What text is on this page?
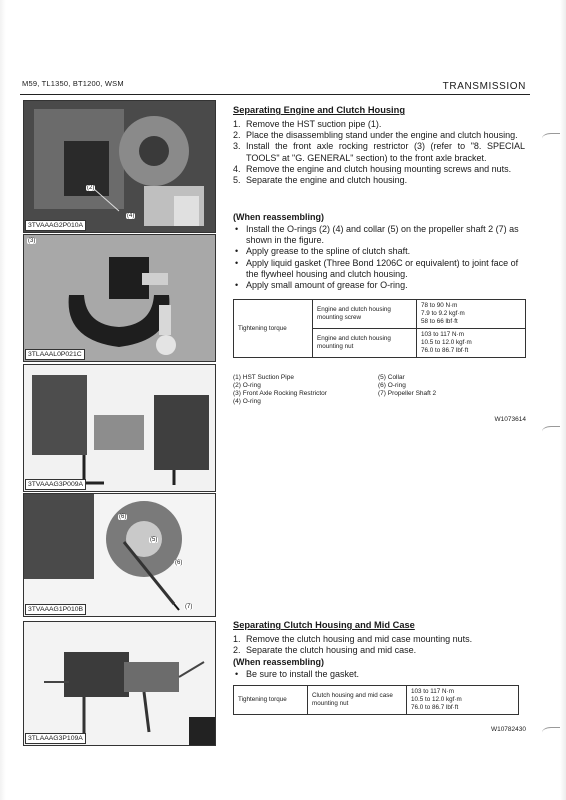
M59, TL1350, BT1200, WSM	TRANSMISSION
(2)
(4)
3TVAAAG2P010A
(3)
3TLAAAL0P021C
3TVAAAG3P009A
(6)
(5)
(6)
(7)
3TVAAAG1P010B
3TLAAAG3P109A
Separating Engine and Clutch Housing
1. Remove the HST suction pipe (1).
2. Place the disassembling stand under the engine and clutch housing.
3. Install the front axle rocking restrictor (3) (refer to "8. SPECIAL TOOLS" at "G. GENERAL" section) to the front axle bracket.
4. Remove the engine and clutch housing mounting screws and nuts.
5. Separate the engine and clutch housing.
(When reassembling)
• Install the O-rings (2) (4) and collar (5) on the propeller shaft 2 (7) as shown in the figure.
• Apply grease to the spline of clutch shaft.
• Apply liquid gasket (Three Bond 1206C or equivalent) to joint face of the flywheel housing and clutch housing.
• Apply small amount of grease for O-ring.
Tightening torque	Engine and clutch housing mounting screw	78 to 90 N·m
7.9 to 9.2 kgf·m
58 to 66 lbf·ft

	Engine and clutch housing mounting nut	103 to 117 N·m
10.5 to 12.0 kgf·m
76.0 to 86.7 lbf·ft
(1) HST Suction Pipe
(2) O-ring
(3) Front Axle Rocking Restrictor
(4) O-ring
(5) Collar
(6) O-ring
(7) Propeller Shaft 2
W1073614
Separating Clutch Housing and Mid Case
1. Remove the clutch housing and mid case mounting nuts.
2. Separate the clutch housing and mid case.
(When reassembling)
• Be sure to install the gasket.
Tightening torque	Clutch housing and mid case mounting nut	
103 to 117 N·m
10.5 to 12.0 kgf·m
76.0 to 86.7 lbf·ft
W10782430
